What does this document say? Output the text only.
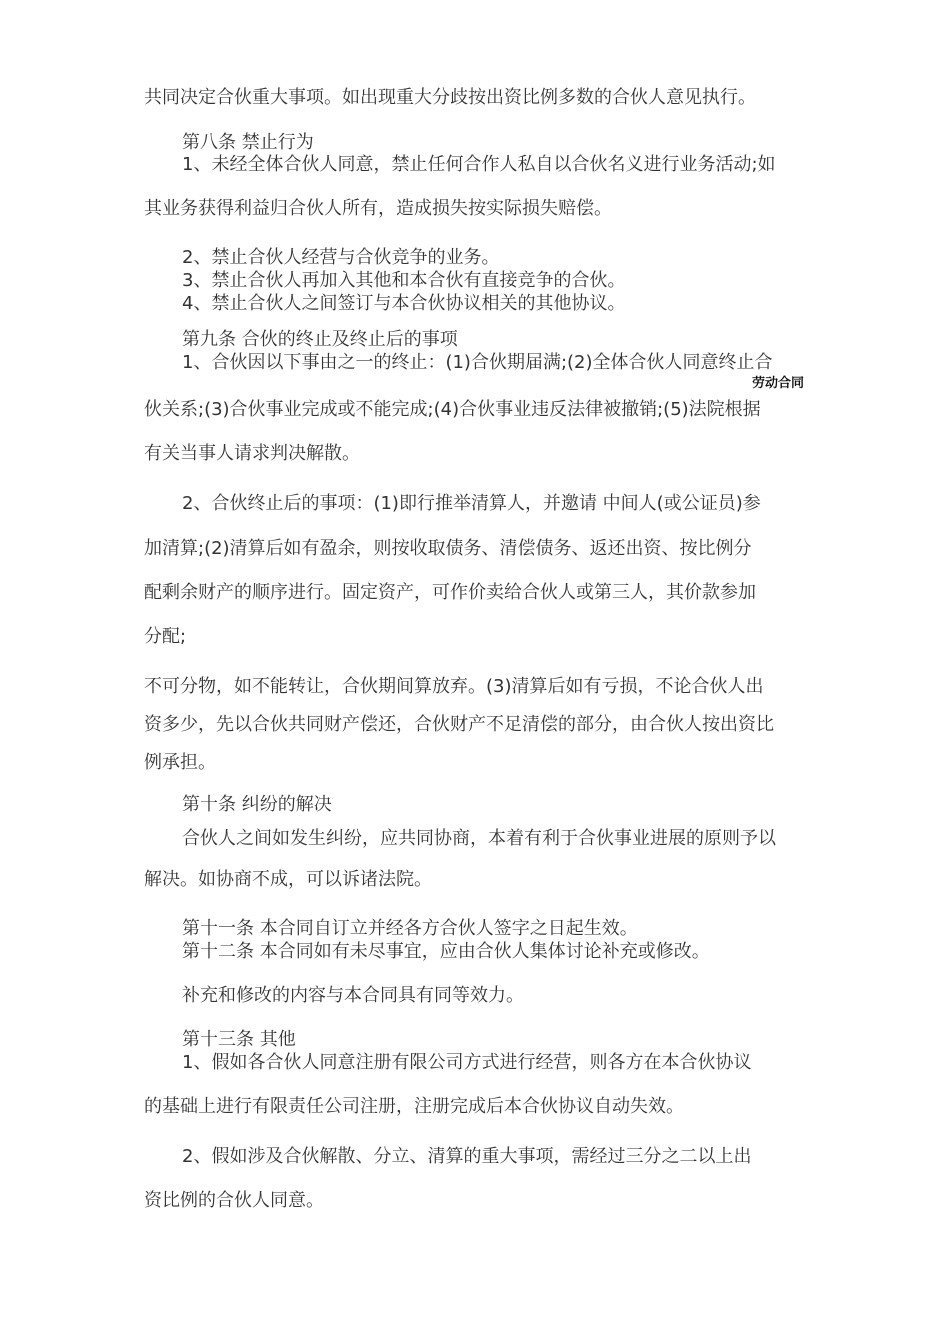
共同决定合伙重大事项。如出现重大分歧按出资比例多数的合伙人意见执行。

第八条 禁止行为

1、未经全体合伙人同意，禁止任何合作人私自以合伙名义进行业务活动;如

其业务获得利益归合伙人所有，造成损失按实际损失赔偿。

2、禁止合伙人经营与合伙竞争的业务。

3、禁止合伙人再加入其他和本合伙有直接竞争的合伙。

4、禁止合伙人之间签订与本合伙协议相关的其他协议。

第九条 合伙的终止及终止后的事项

1、合伙因以下事由之一的终止：(1)合伙期届满;(2)全体合伙人同意终止合

劳动合同

伙关系;(3)合伙事业完成或不能完成;(4)合伙事业违反法律被撤销;(5)法院根据

有关当事人请求判决解散。

2、合伙终止后的事项：(1)即行推举清算人，并邀请 中间人(或公证员)参

加清算;(2)清算后如有盈余，则按收取债务、清偿债务、返还出资、按比例分

配剩余财产的顺序进行。固定资产，可作价卖给合伙人或第三人，其价款参加

分配;

不可分物，如不能转让，合伙期间算放弃。(3)清算后如有亏损，不论合伙人出

资多少，先以合伙共同财产偿还，合伙财产不足清偿的部分，由合伙人按出资比

例承担。

第十条 纠纷的解决

合伙人之间如发生纠纷，应共同协商，本着有利于合伙事业进展的原则予以

解决。如协商不成，可以诉诸法院。

第十一条 本合同自订立并经各方合伙人签字之日起生效。

第十二条 本合同如有未尽事宜，应由合伙人集体讨论补充或修改。

补充和修改的内容与本合同具有同等效力。

第十三条 其他

1、假如各合伙人同意注册有限公司方式进行经营，则各方在本合伙协议

的基础上进行有限责任公司注册，注册完成后本合伙协议自动失效。

2、假如涉及合伙解散、分立、清算的重大事项，需经过三分之二以上出

资比例的合伙人同意。
